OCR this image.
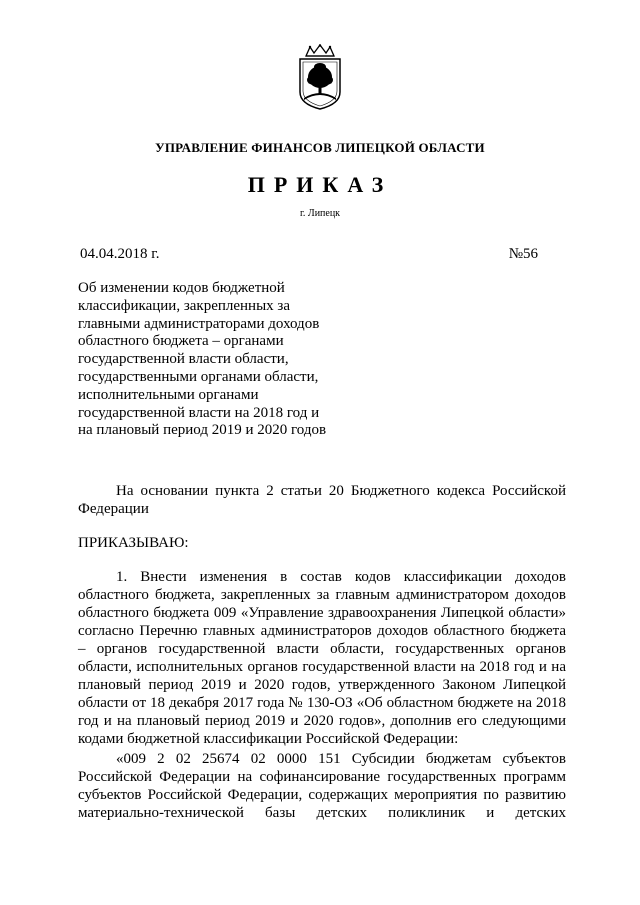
УПРАВЛЕНИЕ ФИНАНСОВ ЛИПЕЦКОЙ ОБЛАСТИ
ПРИКАЗ
г. Липецк
04.04.2018 г.	№56
Об изменении кодов бюджетной классификации, закрепленных за главными администраторами доходов областного бюджета – органами государственной власти области, государственными органами области, исполнительными органами государственной власти на 2018 год и на плановый период 2019 и 2020 годов
На основании пункта 2 статьи 20 Бюджетного кодекса Российской Федерации
ПРИКАЗЫВАЮ:
1. Внести изменения в состав кодов классификации доходов областного бюджета, закрепленных за главным администратором доходов областного бюджета 009 «Управление здравоохранения Липецкой области» согласно Перечню главных администраторов доходов областного бюджета – органов государственной власти области, государственных органов области, исполнительных органов государственной власти на 2018 год и на плановый период 2019 и 2020 годов, утвержденного Законом Липецкой области от 18 декабря 2017 года № 130-ОЗ «Об областном бюджете на 2018 год и на плановый период 2019 и 2020 годов», дополнив его следующими кодами бюджетной классификации Российской Федерации:
«009 2 02 25674 02 0000 151 Субсидии бюджетам субъектов Российской Федерации на софинансирование государственных программ субъектов Российской Федерации, содержащих мероприятия по развитию материально-технической базы детских поликлиник и детских
